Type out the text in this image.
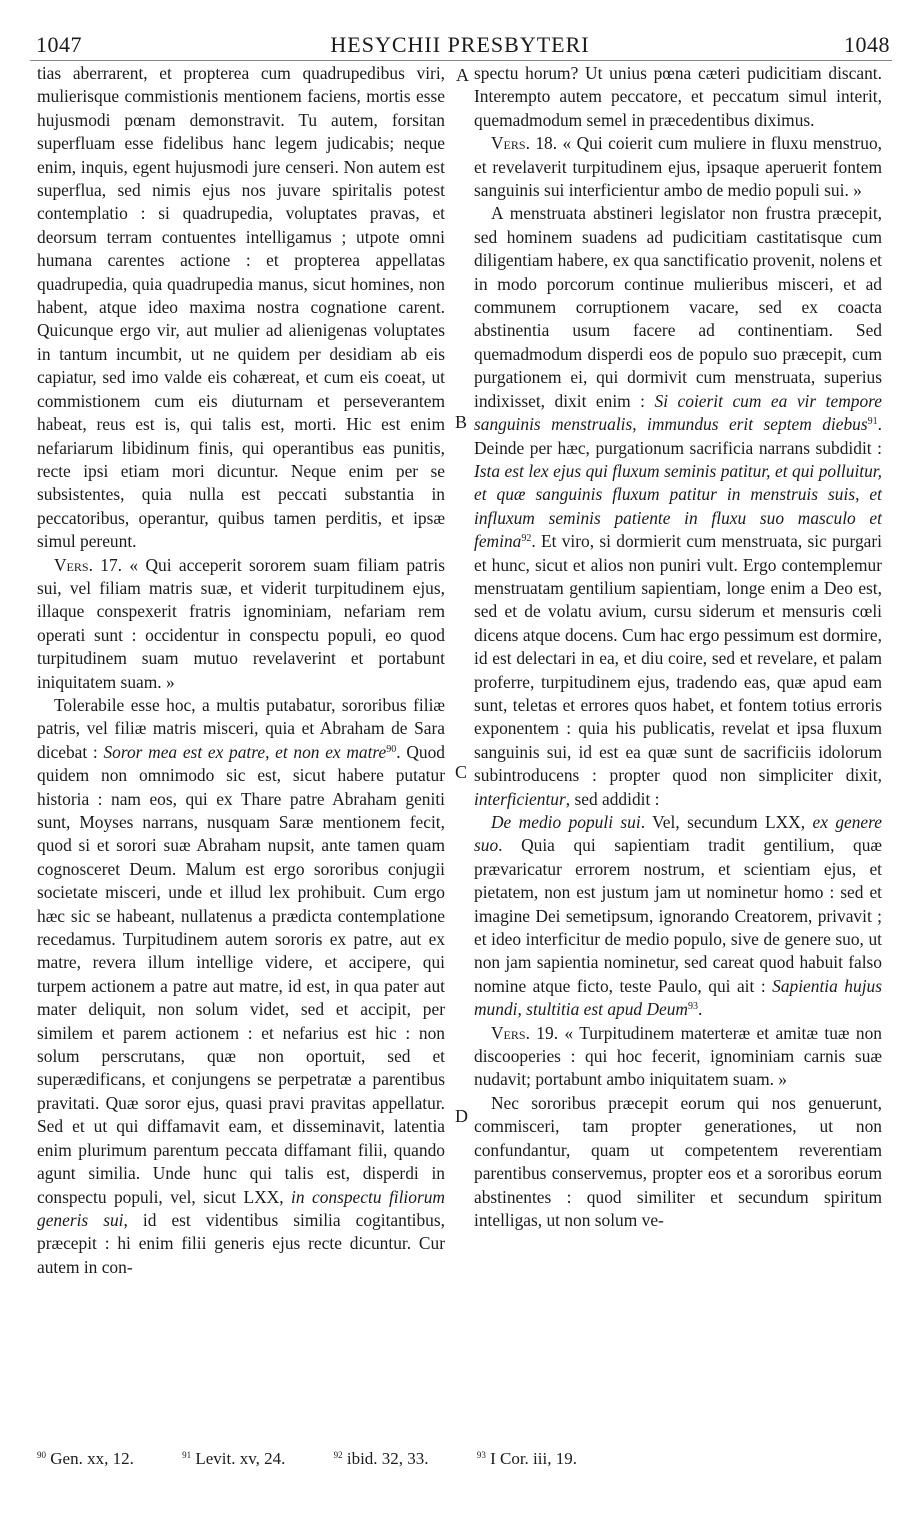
1047	HESYCHII PRESBYTERI	1048
A
B
C
D

tias aberrarent, et propterea cum quadrupedibus viri, mulierisque commistionis mentionem faciens, mortis esse hujusmodi pœnam demonstravit. Tu autem, forsitan superfluam esse fidelibus hanc legem judicabis; neque enim, inquis, egent hujusmodi jure censeri. Non autem est superflua, sed nimis ejus nos juvare spiritalis potest contemplatio : si quadrupedia, voluptates pravas, et deorsum terram contuentes intelligamus ; utpote omni humana carentes actione : et propterea appellatas quadrupedia, quia quadrupedia manus, sicut homines, non habent, atque ideo maxima nostra cognatione carent. Quicunque ergo vir, aut mulier ad alienigenas voluptates in tantum incumbit, ut ne quidem per desidiam ab eis capiatur, sed imo valde eis cohæreat, et cum eis coeat, ut commistionem cum eis diuturnam et perseverantem habeat, reus est is, qui talis est, morti. Hic est enim nefariarum libidinum finis, qui operantibus eas punitis, recte ipsi etiam mori dicuntur. Neque enim per se subsistentes, quia nulla est peccati substantia in peccatoribus, operantur, quibus tamen perditis, et ipsæ simul pereunt.

Vers. 17. « Qui acceperit sororem suam filiam patris sui, vel filiam matris suæ, et viderit turpitudinem ejus, illaque conspexerit fratris ignominiam, nefariam rem operati sunt : occidentur in conspectu populi, eo quod turpitudinem suam mutuo revelaverint et portabunt iniquitatem suam. »

Tolerabile esse hoc, a multis putabatur, sororibus filiæ patris, vel filiæ matris misceri, quia et Abraham de Sara dicebat : Soror mea est ex patre, et non ex matre$^{90}$. Quod quidem non omnimodo sic est, sicut habere putatur historia : nam eos, qui ex Thare patre Abraham geniti sunt, Moyses narrans, nusquam Saræ mentionem fecit, quod si et sorori suæ Abraham nupsit, ante tamen quam cognosceret Deum. Malum est ergo sororibus conjugii societate misceri, unde et illud lex prohibuit. Cum ergo hæc sic se habeant, nullatenus a prædicta contemplatione recedamus. Turpitudinem autem sororis ex patre, aut ex matre, revera illum intellige videre, et accipere, qui turpem actionem a patre aut matre, id est, in qua pater aut mater deliquit, non solum videt, sed et accipit, per similem et parem actionem : et nefarius est hic : non solum perscrutans, quæ non oportuit, sed et superædificans, et conjungens se perpetratæ a parentibus pravitati. Quæ soror ejus, quasi pravi pravitas appellatur. Sed et ut qui diffamavit eam, et disseminavit, latentia enim plurimum parentum peccata diffamant filii, quando agunt similia. Unde hunc qui talis est, disperdi in conspectu populi, vel, sicut LXX, in conspectu filiorum generis sui, id est videntibus similia cogitantibus, præcepit : hi enim filii generis ejus recte dicuntur. Cur autem in con-

spectu horum? Ut unius pœna cæteri pudicitiam discant. Interempto autem peccatore, et peccatum simul interit, quemadmodum semel in præcedentibus diximus.

Vers. 18. « Qui coierit cum muliere in fluxu menstruo, et revelaverit turpitudinem ejus, ipsaque aperuerit fontem sanguinis sui interficientur ambo de medio populi sui. »

A menstruata abstineri legislator non frustra præcepit, sed hominem suadens ad pudicitiam castitatisque cum diligentiam habere, ex qua sanctificatio provenit, nolens et in modo porcorum continue mulieribus misceri, et ad communem corruptionem vacare, sed ex coacta abstinentia usum facere ad continentiam. Sed quemadmodum disperdi eos de populo suo præcepit, cum purgationem ei, qui dormivit cum menstruata, superius indixisset, dixit enim : Si coierit cum ea vir tempore sanguinis menstrualis, immundus erit septem diebus$^{91}$. Deinde per hæc, purgationum sacrificia narrans subdidit : Ista est lex ejus qui fluxum seminis patitur, et qui polluitur, et quæ sanguinis fluxum patitur in menstruis suis, et influxum seminis patiente in fluxu suo masculo et femina$^{92}$. Et viro, si dormierit cum menstruata, sic purgari et hunc, sicut et alios non puniri vult. Ergo contemplemur menstruatam gentilium sapientiam, longe enim a Deo est, sed et de volatu avium, cursu siderum et mensuris cœli dicens atque docens. Cum hac ergo pessimum est dormire, id est delectari in ea, et diu coire, sed et revelare, et palam proferre, turpitudinem ejus, tradendo eas, quæ apud eam sunt, teletas et errores quos habet, et fontem totius erroris exponentem : quia his publicatis, revelat et ipsa fluxum sanguinis sui, id est ea quæ sunt de sacrificiis idolorum subintroducens : propter quod non simpliciter dixit, interficientur, sed addidit :

De medio populi sui. Vel, secundum LXX, ex genere suo. Quia qui sapientiam tradit gentilium, quæ prævaricatur errorem nostrum, et scientiam ejus, et pietatem, non est justum jam ut nominetur homo : sed et imagine Dei semetipsum, ignorando Creatorem, privavit ; et ideo interficitur de medio populo, sive de genere suo, ut non jam sapientia nominetur, sed careat quod habuit falso nomine atque ficto, teste Paulo, qui ait : Sapientia hujus mundi, stultitia est apud Deum$^{93}$.

Vers. 19. « Turpitudinem materteræ et amitæ tuæ non discooperies : qui hoc fecerit, ignominiam carnis suæ nudavit; portabunt ambo iniquitatem suam. »

Nec sororibus præcepit eorum qui nos genuerunt, commisceri, tam propter generationes, ut non confundantur, quam ut competentem reverentiam parentibus conservemus, propter eos et a sororibus eorum abstinentes : quod similiter et secundum spiritum intelligas, ut non solum ve-

$^{90}$ Gen. xx, 12.	$^{91}$ Levit. xv, 24.	$^{92}$ ibid. 32, 33.	$^{93}$ I Cor. iii, 19.
